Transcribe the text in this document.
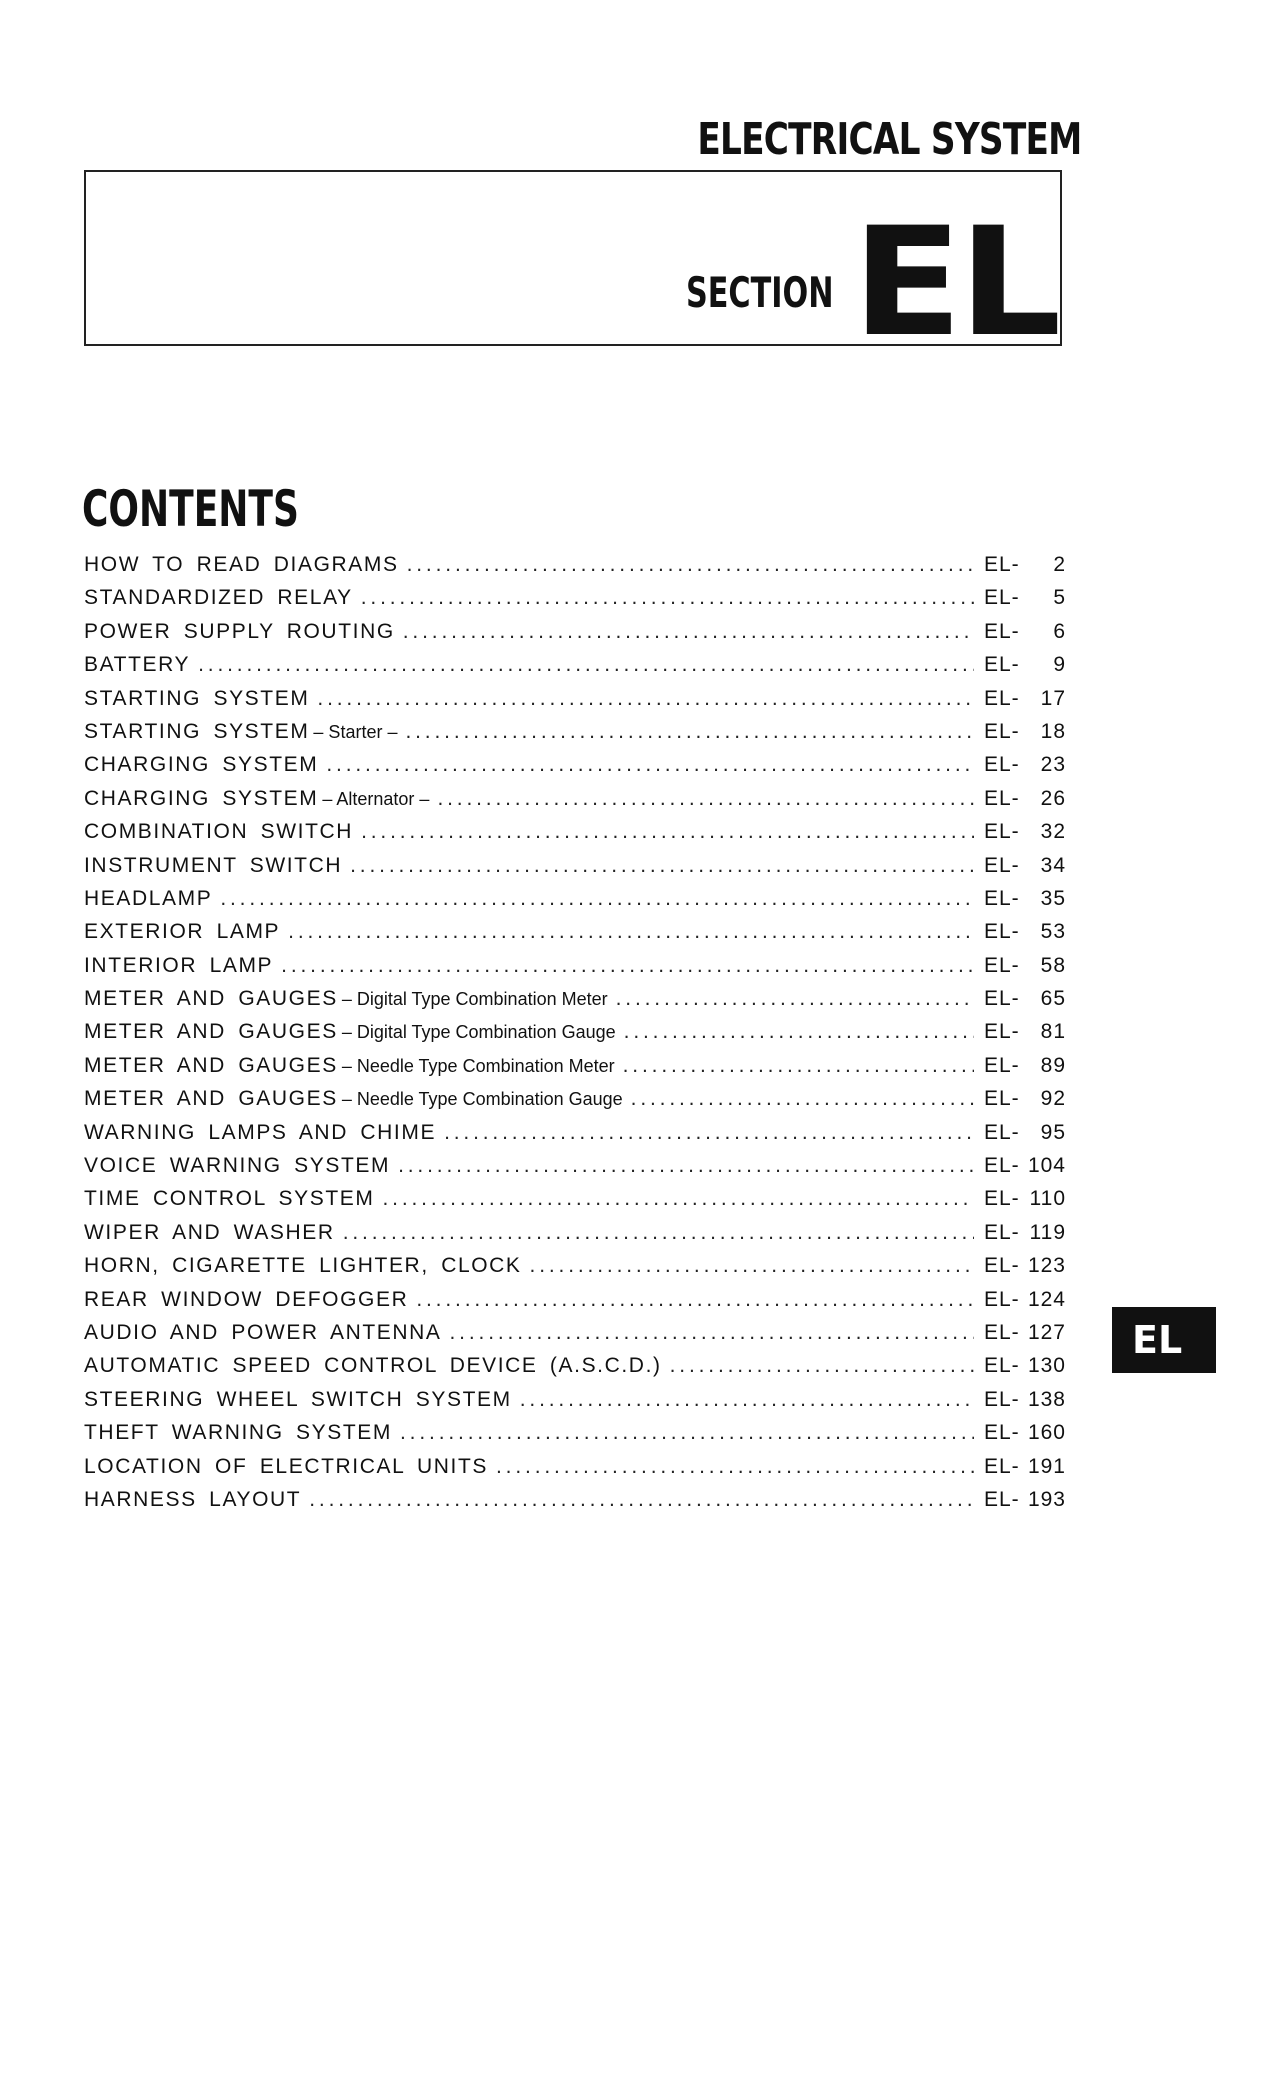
ELECTRICAL SYSTEM
SECTION EL
CONTENTS
HOW TO READ DIAGRAMS . . .	EL- 2
STANDARDIZED RELAY . . .	EL- 5
POWER SUPPLY ROUTING . . .	EL- 6
BATTERY . . .	EL- 9
STARTING SYSTEM . . .	EL- 17
STARTING SYSTEM – Starter – . . .	EL- 18
CHARGING SYSTEM . . .	EL- 23
CHARGING SYSTEM – Alternator – . . .	EL- 26
COMBINATION SWITCH . . .	EL- 32
INSTRUMENT SWITCH . . .	EL- 34
HEADLAMP . . .	EL- 35
EXTERIOR LAMP . . .	EL- 53
INTERIOR LAMP . . .	EL- 58
METER AND GAUGES – Digital Type Combination Meter . . .	EL- 65
METER AND GAUGES – Digital Type Combination Gauge . . .	EL- 81
METER AND GAUGES – Needle Type Combination Meter . . .	EL- 89
METER AND GAUGES – Needle Type Combination Gauge . . .	EL- 92
WARNING LAMPS AND CHIME . . .	EL- 95
VOICE WARNING SYSTEM . . .	EL- 104
TIME CONTROL SYSTEM . . .	EL- 110
WIPER AND WASHER . . .	EL- 119
HORN, CIGARETTE LIGHTER, CLOCK . . .	EL- 123
REAR WINDOW DEFOGGER . . .	EL- 124
AUDIO AND POWER ANTENNA . . .	EL- 127
AUTOMATIC SPEED CONTROL DEVICE (A.S.C.D.) . . .	EL- 130
STEERING WHEEL SWITCH SYSTEM . . .	EL- 138
THEFT WARNING SYSTEM . . .	EL- 160
LOCATION OF ELECTRICAL UNITS . . .	EL- 191
HARNESS LAYOUT . . .	EL- 193
EL
